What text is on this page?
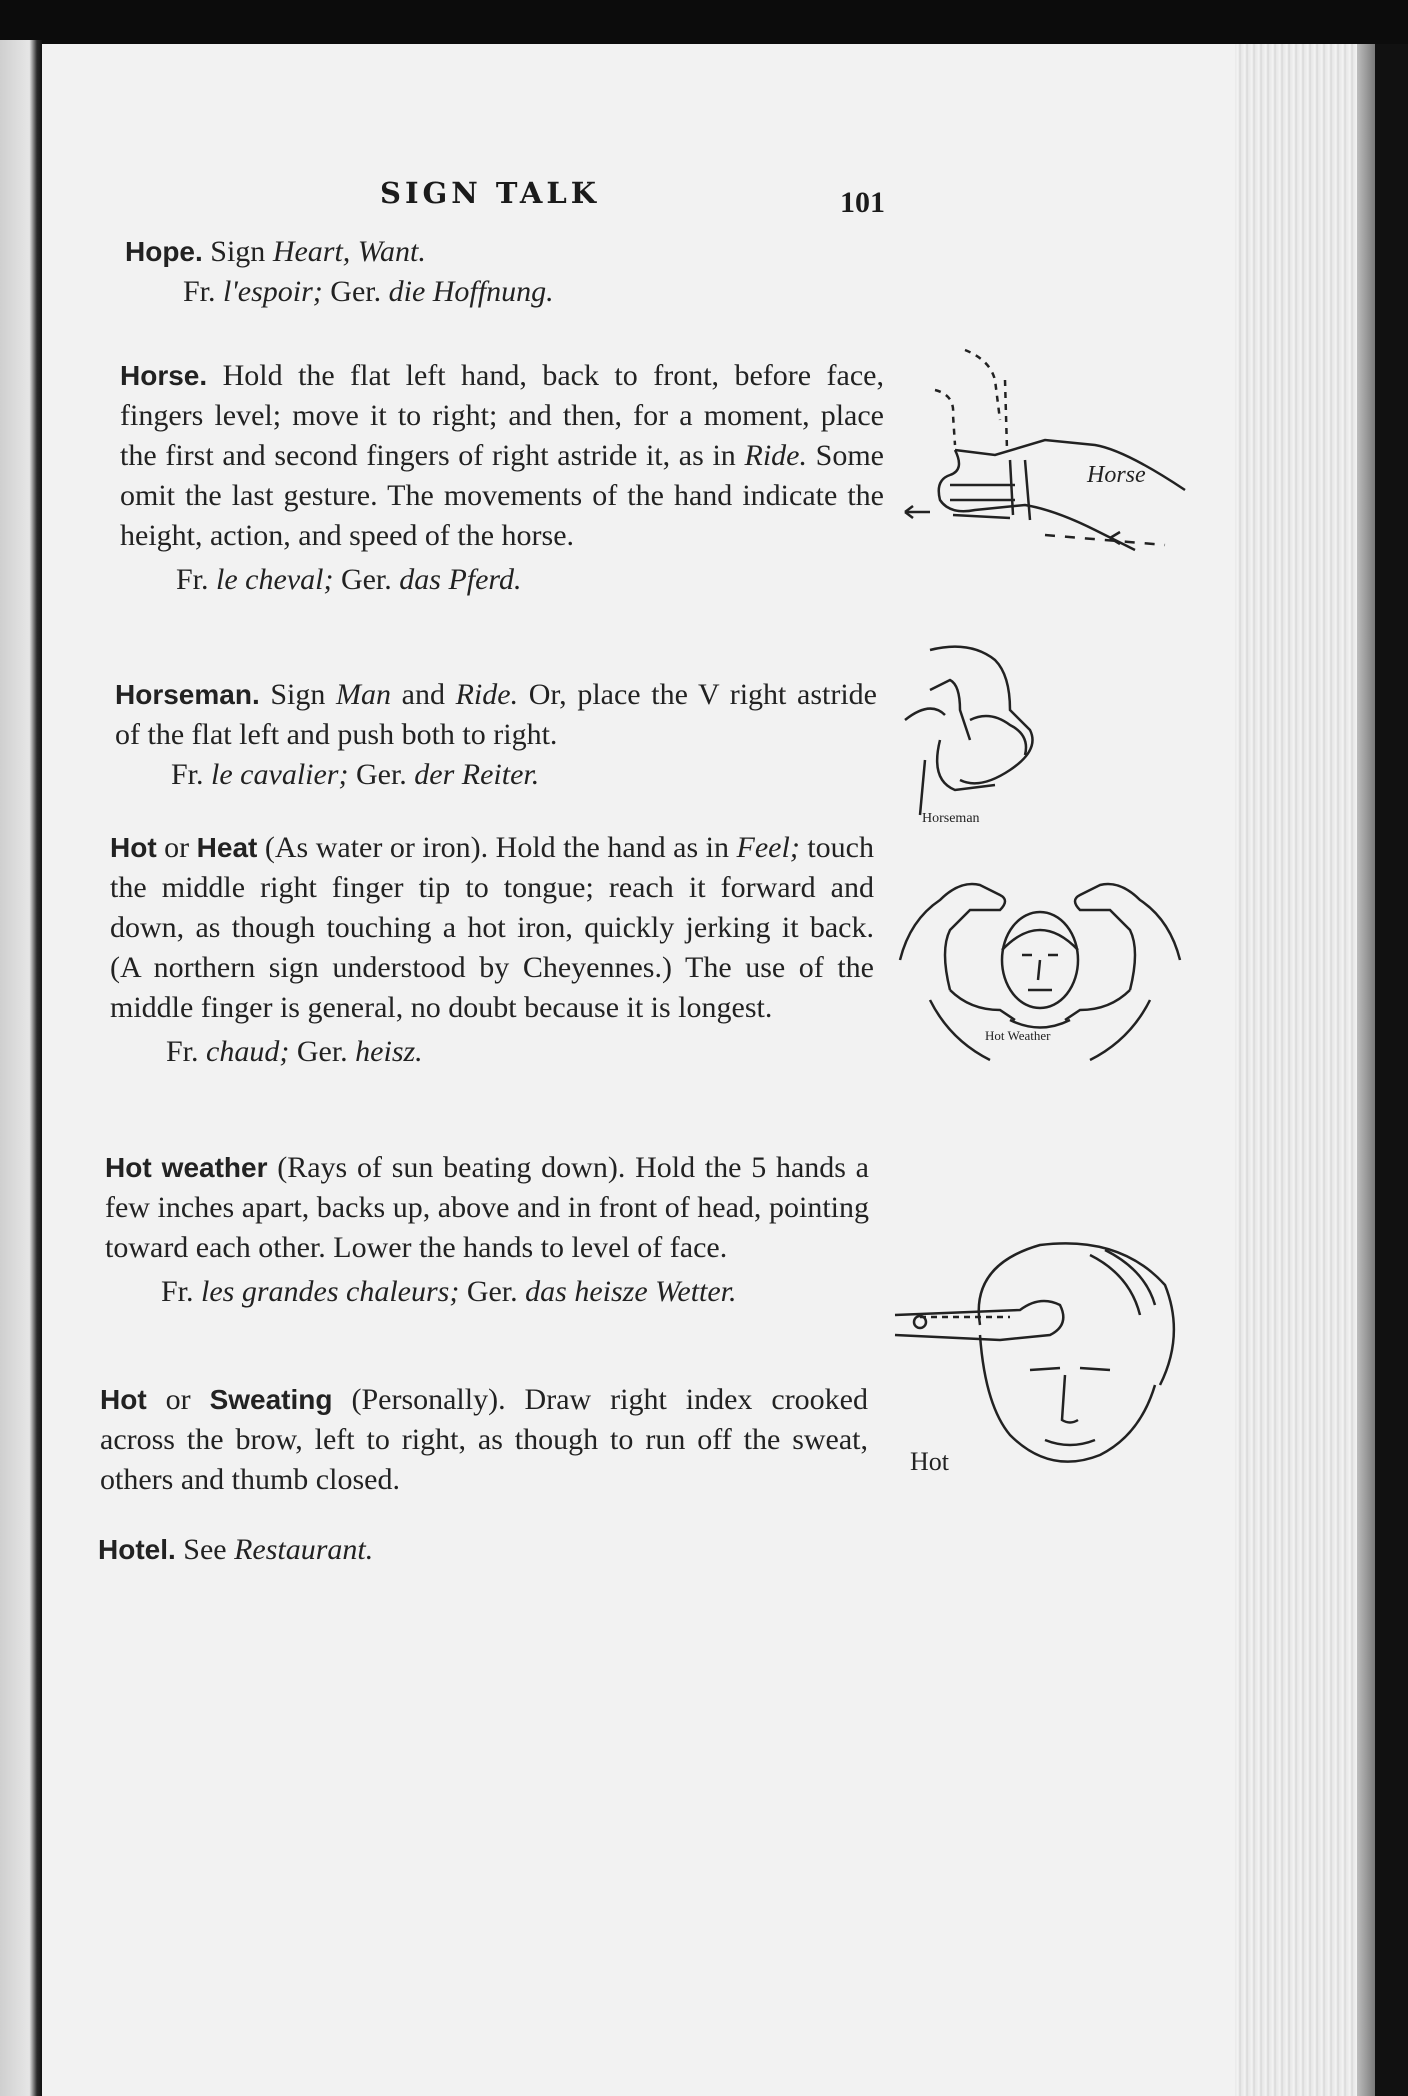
SIGN TALK	101
Hope. Sign Heart, Want.
Fr. l'espoir; Ger. die Hoffnung.
Horse. Hold the flat left hand, back to front, before face, fingers level; move it to right; and then, for a moment, place the first and second fingers of right astride it, as in Ride. Some omit the last gesture. The movements of the hand indicate the height, action, and speed of the horse.
Fr. le cheval; Ger. das Pferd.
Horseman. Sign Man and Ride. Or, place the V right astride of the flat left and push both to right.
Fr. le cavalier; Ger. der Reiter.
Hot or Heat (As water or iron). Hold the hand as in Feel; touch the middle right finger tip to tongue; reach it forward and down, as though touching a hot iron, quickly jerking it back. (A northern sign understood by Cheyennes.) The use of the middle finger is general, no doubt because it is longest.
Fr. chaud; Ger. heisz.
Hot weather (Rays of sun beating down). Hold the 5 hands a few inches apart, backs up, above and in front of head, pointing toward each other. Lower the hands to level of face.
Fr. les grandes chaleurs; Ger. das heisze Wetter.
Hot or Sweating (Personally). Draw right index crooked across the brow, left to right, as though to run off the sweat, others and thumb closed.
Hotel. See Restaurant.
Horse
Horseman
Hot Weather
Hot
